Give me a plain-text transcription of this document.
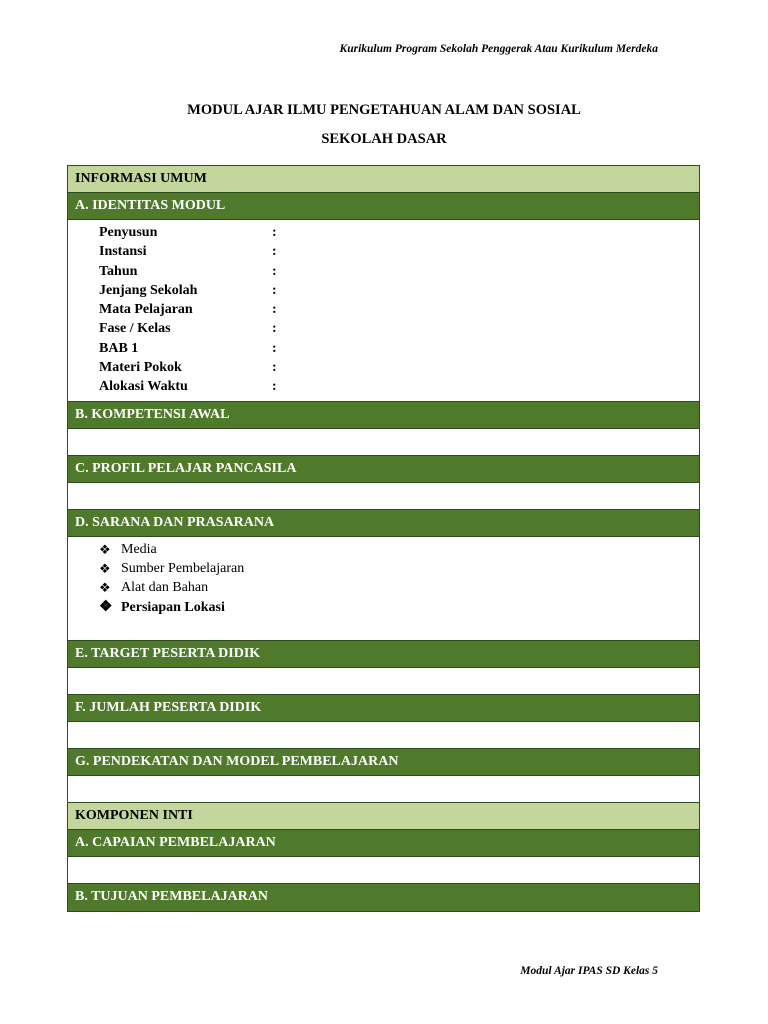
Kurikulum Program Sekolah Penggerak Atau Kurikulum Merdeka
MODUL AJAR ILMU PENGETAHUAN ALAM DAN SOSIAL
SEKOLAH DASAR
INFORMASI UMUM
A. IDENTITAS MODUL
Penyusun	:
Instansi	:
Tahun	:
Jenjang Sekolah	:
Mata Pelajaran	:
Fase / Kelas	:
BAB 1	:
Materi Pokok	:
Alokasi Waktu	:
B. KOMPETENSI AWAL
C. PROFIL PELAJAR PANCASILA
D. SARANA DAN PRASARANA
❖ Media
❖ Sumber Pembelajaran
❖ Alat dan Bahan
❖ Persiapan Lokasi
E. TARGET PESERTA DIDIK
F. JUMLAH PESERTA DIDIK
G. PENDEKATAN DAN MODEL PEMBELAJARAN
KOMPONEN INTI
A. CAPAIAN PEMBELAJARAN
B. TUJUAN PEMBELAJARAN
Modul Ajar IPAS SD Kelas 5
